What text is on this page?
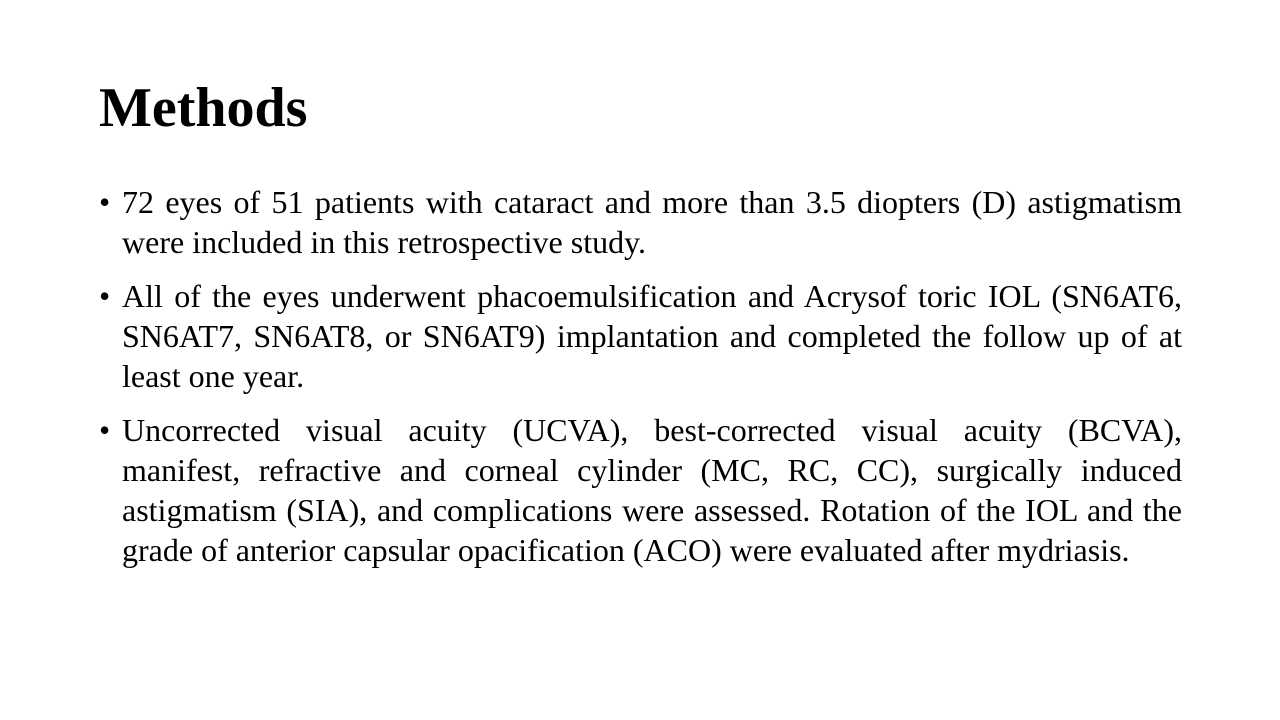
Methods
• 72 eyes of 51 patients with cataract and more than 3.5 diopters (D) astigmatism were included in this retrospective study.
• All of the eyes underwent phacoemulsification and Acrysof toric IOL (SN6AT6, SN6AT7, SN6AT8, or SN6AT9) implantation and completed the follow up of at least one year.
• Uncorrected visual acuity (UCVA), best-corrected visual acuity (BCVA), manifest, refractive and corneal cylinder (MC, RC, CC), surgically induced astigmatism (SIA), and complications were assessed. Rotation of the IOL and the grade of anterior capsular opacification (ACO) were evaluated after mydriasis.
